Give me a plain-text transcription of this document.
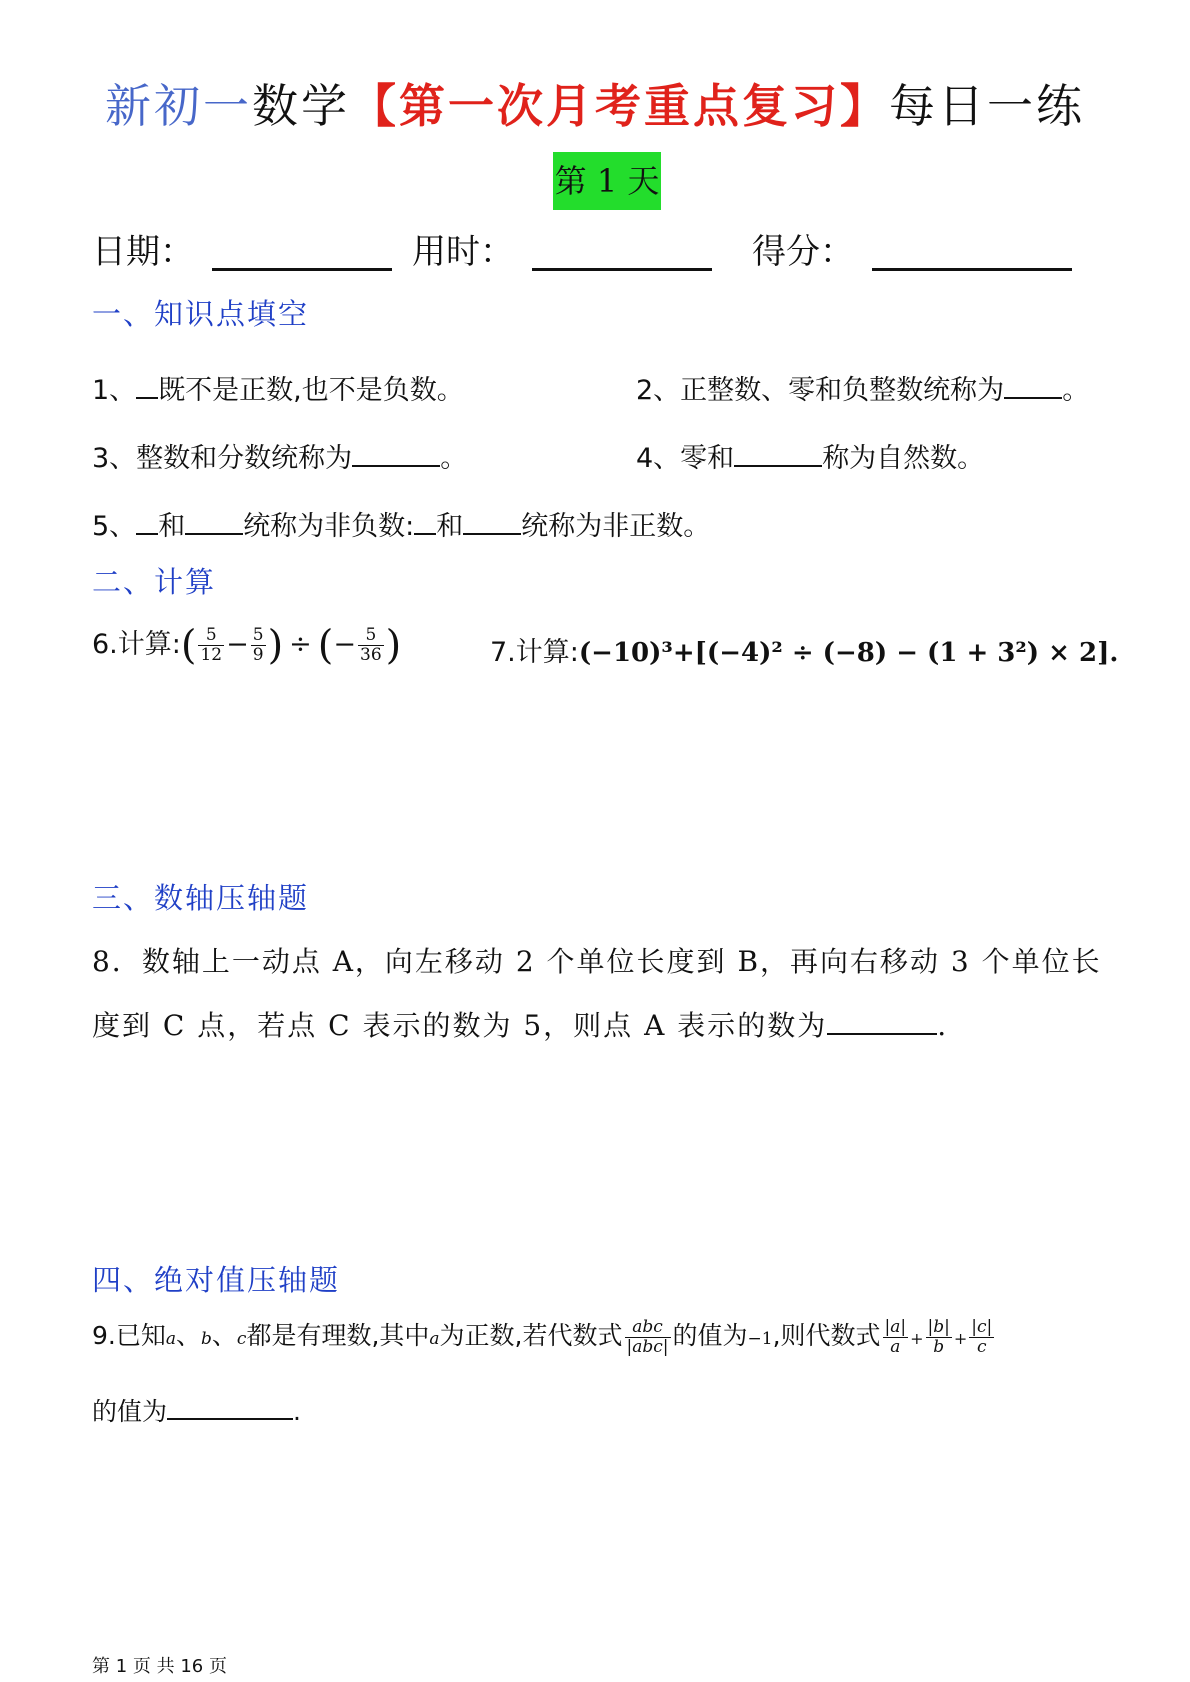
新初一数学【第一次月考重点复习】每日一练
第 1 天
日期：	用时：	得分：
一、知识点填空
1、 既不是正数,也不是负数。	2、正整数、零和负整数统称为 。
3、整数和分数统称为	。	4、零和	称为自然数。
5、 和 统称为非负数: 和 统称为非正数。
二、计算
6.计算:( $\frac{5}{12} - \frac{5}{9}$ ) ÷ (− $\frac{5}{36}$ )	7.计算:(−10)³+[(−4)² ÷ (−8) − (1 + 3²) × 2].
三、数轴压轴题
8．数轴上一动点 A，向左移动 2 个单位长度到 B，再向右移动 3 个单位长
度到 C 点，若点 C 表示的数为 5，则点 A 表示的数为	.
四、绝对值压轴题
9.已知a、b、c都是有理数,其中a为正数,若代数式 $\frac{\text{abc}}{\text{|abc|}}$ 的值为−1,则代数式 $\frac{|a|}{a} + \frac{|b|}{b} + \frac{|c|}{c}$
的值为	.
第 1 页 共 16 页
